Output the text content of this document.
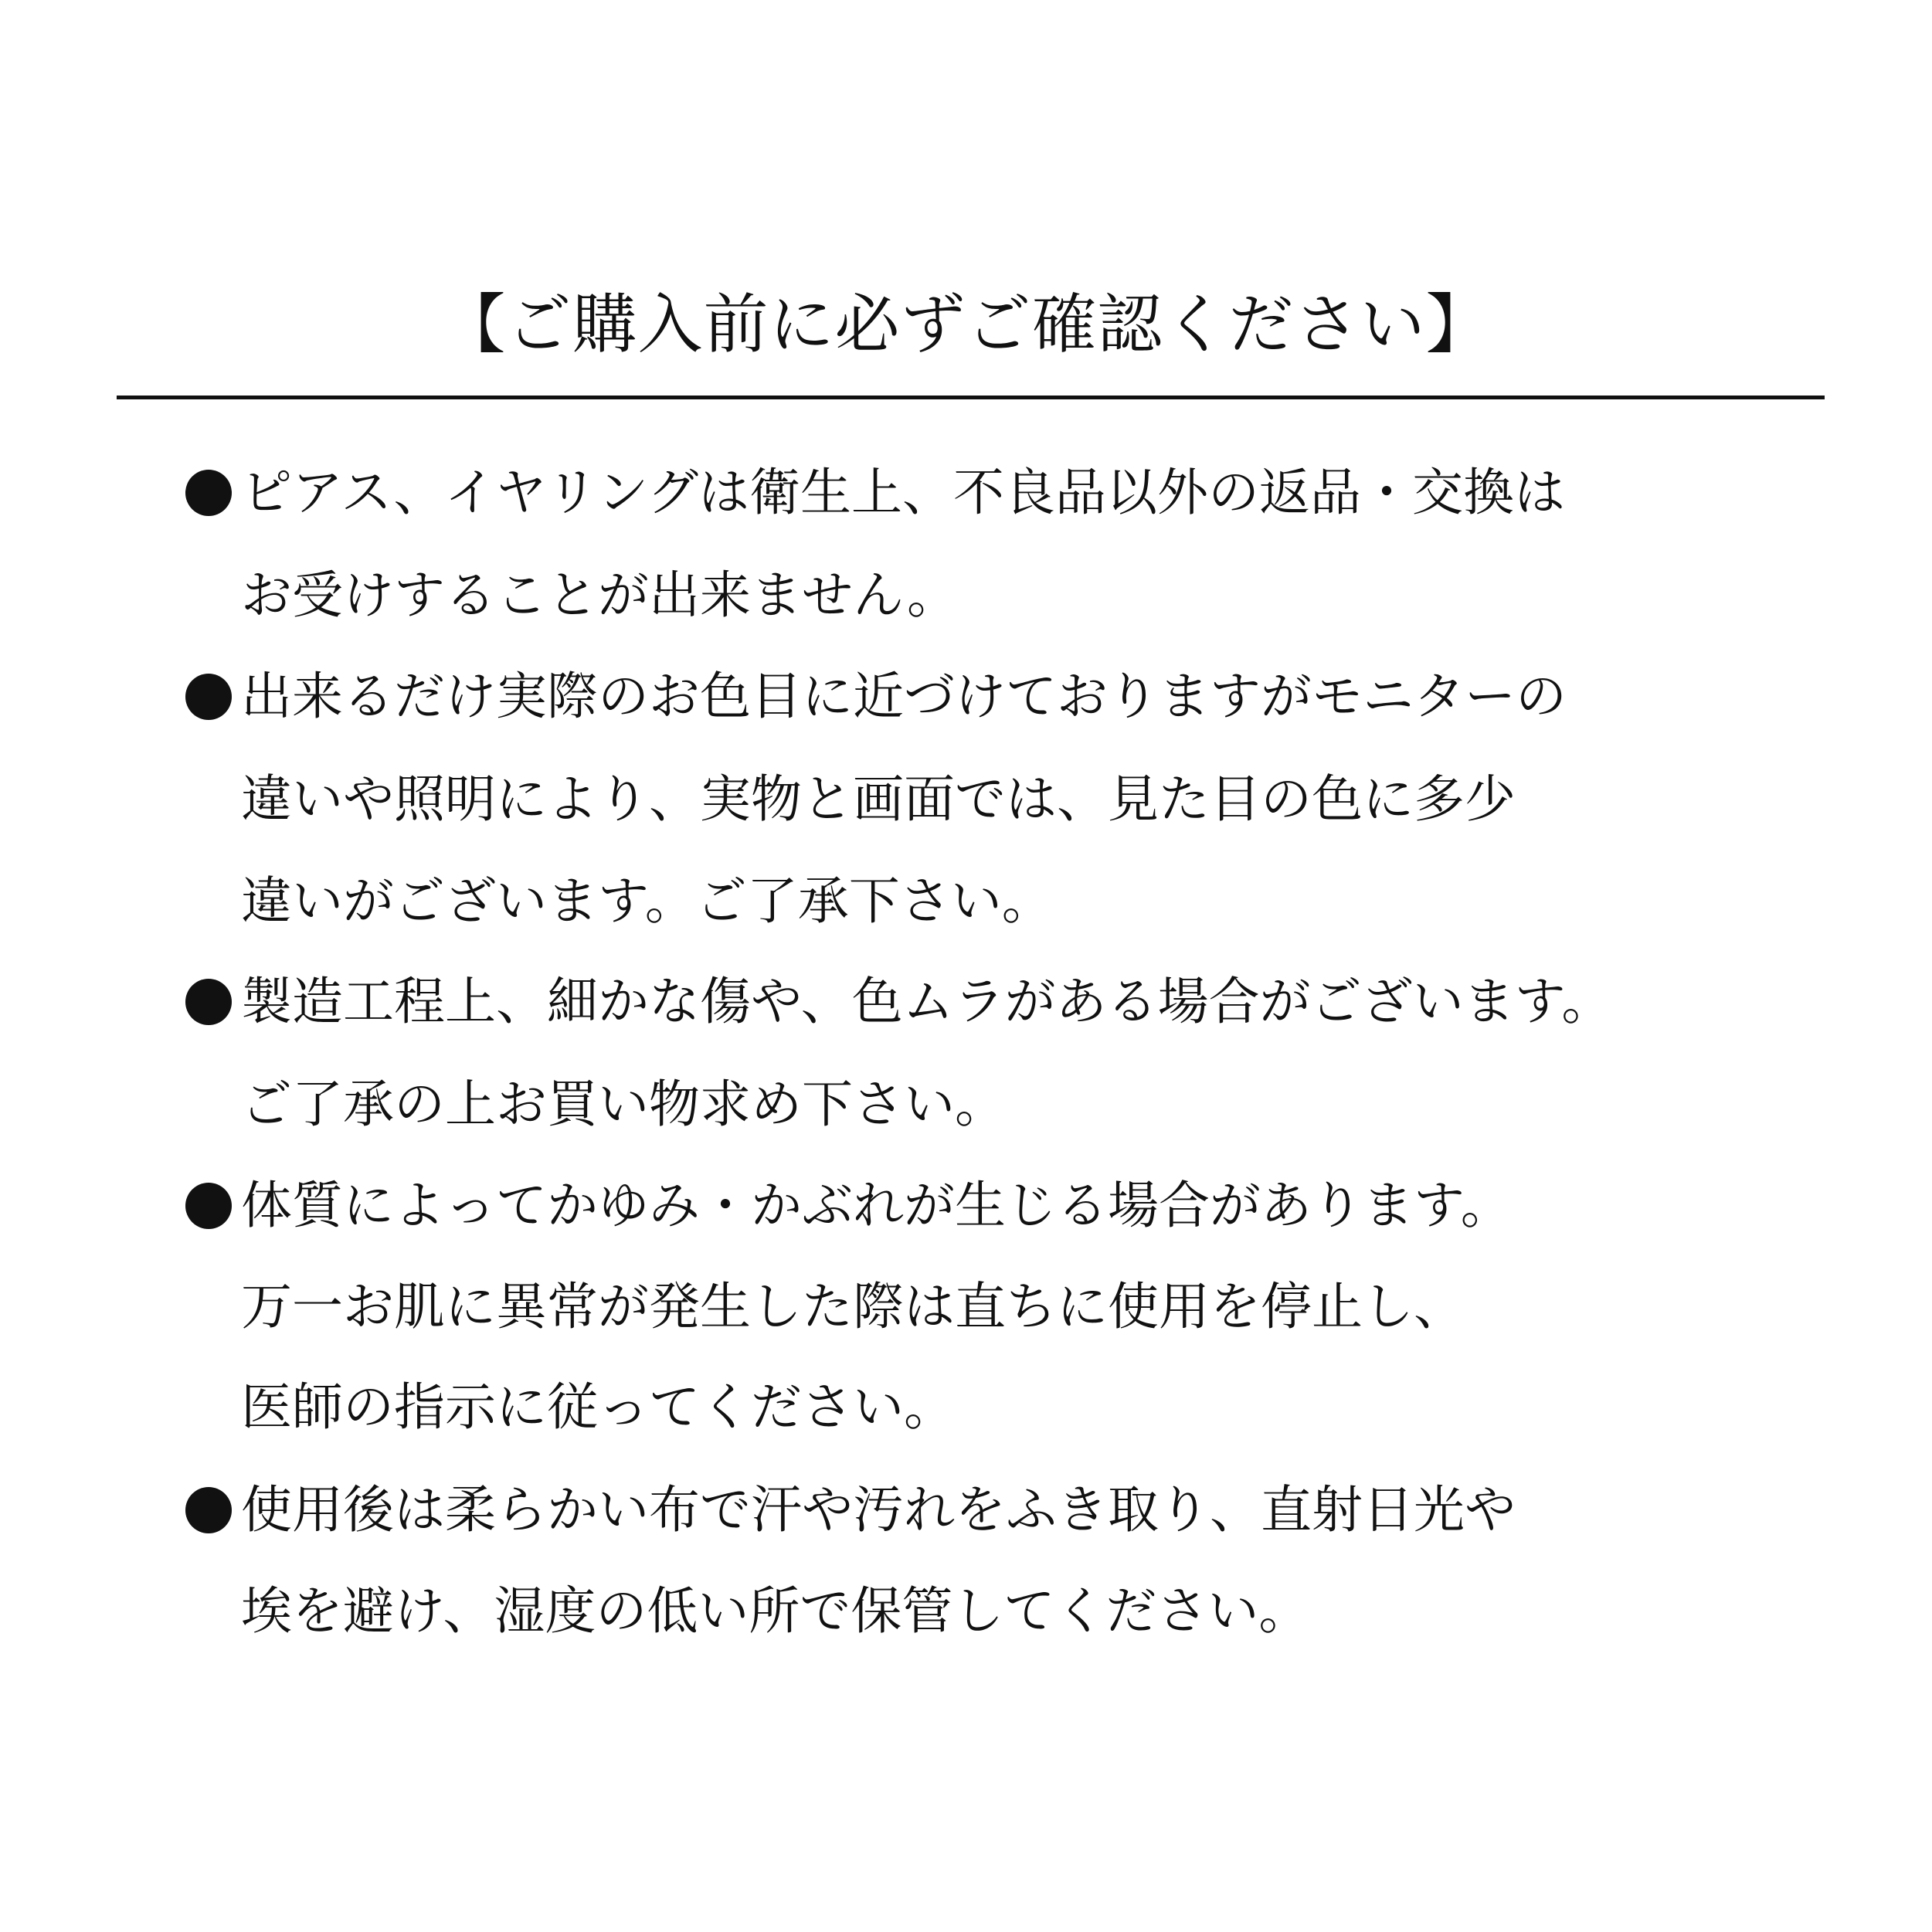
【ご購入前に必ずご確認ください】
ピアス、イヤリングは衛生上、不良品以外の返品・交換は
お受けすることが出来ません。
出来るだけ実際のお色目に近づけておりますがモニターの
違いや照明により、実物と画面では、見た目の色に多少
違いがございます。ご了承下さい。
製造工程上、細かな傷や、色ムラがある場合がございます。
ご了承の上お買い物求め下さい。
体質によってかゆみ・かぶれが生じる場合があります。
万一お肌に異常が発生した際は直ちに使用を停止し、
医師の指示に従ってください。
使用後は柔らかい布で汗や汚れをふき取り、直射日光や
埃を避け、湿度の低い所で保管してください。
